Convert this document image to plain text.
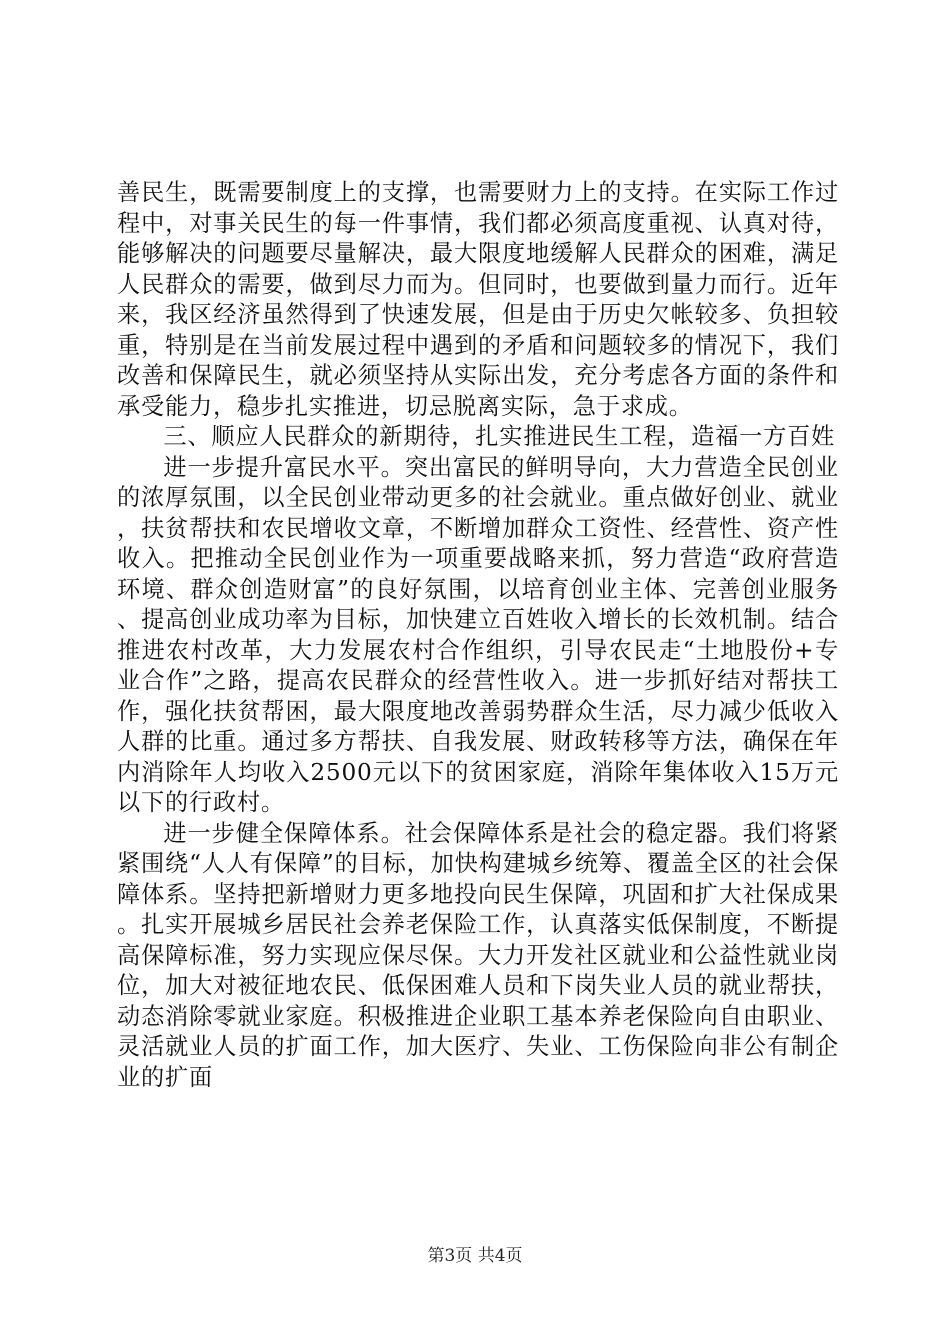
善民生，既需要制度上的支撑，也需要财力上的支持。在实际工作过程中，对事关民生的每一件事情，我们都必须高度重视、认真对待，能够解决的问题要尽量解决，最大限度地缓解人民群众的困难，满足人民群众的需要，做到尽力而为。但同时，也要做到量力而行。近年来，我区经济虽然得到了快速发展，但是由于历史欠帐较多、负担较重，特别是在当前发展过程中遇到的矛盾和问题较多的情况下，我们改善和保障民生，就必须坚持从实际出发，充分考虑各方面的条件和承受能力，稳步扎实推进，切忌脱离实际，急于求成。

三、顺应人民群众的新期待，扎实推进民生工程，造福一方百姓

进一步提升富民水平。突出富民的鲜明导向，大力营造全民创业的浓厚氛围，以全民创业带动更多的社会就业。重点做好创业、就业，扶贫帮扶和农民增收文章，不断增加群众工资性、经营性、资产性收入。把推动全民创业作为一项重要战略来抓，努力营造“政府营造环境、群众创造财富”的良好氛围，以培育创业主体、完善创业服务、提高创业成功率为目标，加快建立百姓收入增长的长效机制。结合推进农村改革，大力发展农村合作组织，引导农民走“土地股份+专业合作”之路，提高农民群众的经营性收入。进一步抓好结对帮扶工作，强化扶贫帮困，最大限度地改善弱势群众生活，尽力减少低收入人群的比重。通过多方帮扶、自我发展、财政转移等方法，确保在年内消除年人均收入2500元以下的贫困家庭，消除年集体收入15万元以下的行政村。

进一步健全保障体系。社会保障体系是社会的稳定器。我们将紧紧围绕“人人有保障”的目标，加快构建城乡统筹、覆盖全区的社会保障体系。坚持把新增财力更多地投向民生保障，巩固和扩大社保成果。扎实开展城乡居民社会养老保险工作，认真落实低保制度，不断提高保障标准，努力实现应保尽保。大力开发社区就业和公益性就业岗位，加大对被征地农民、低保困难人员和下岗失业人员的就业帮扶，动态消除零就业家庭。积极推进企业职工基本养老保险向自由职业、灵活就业人员的扩面工作，加大医疗、失业、工伤保险向非公有制企业的扩面

第3页 共4页
